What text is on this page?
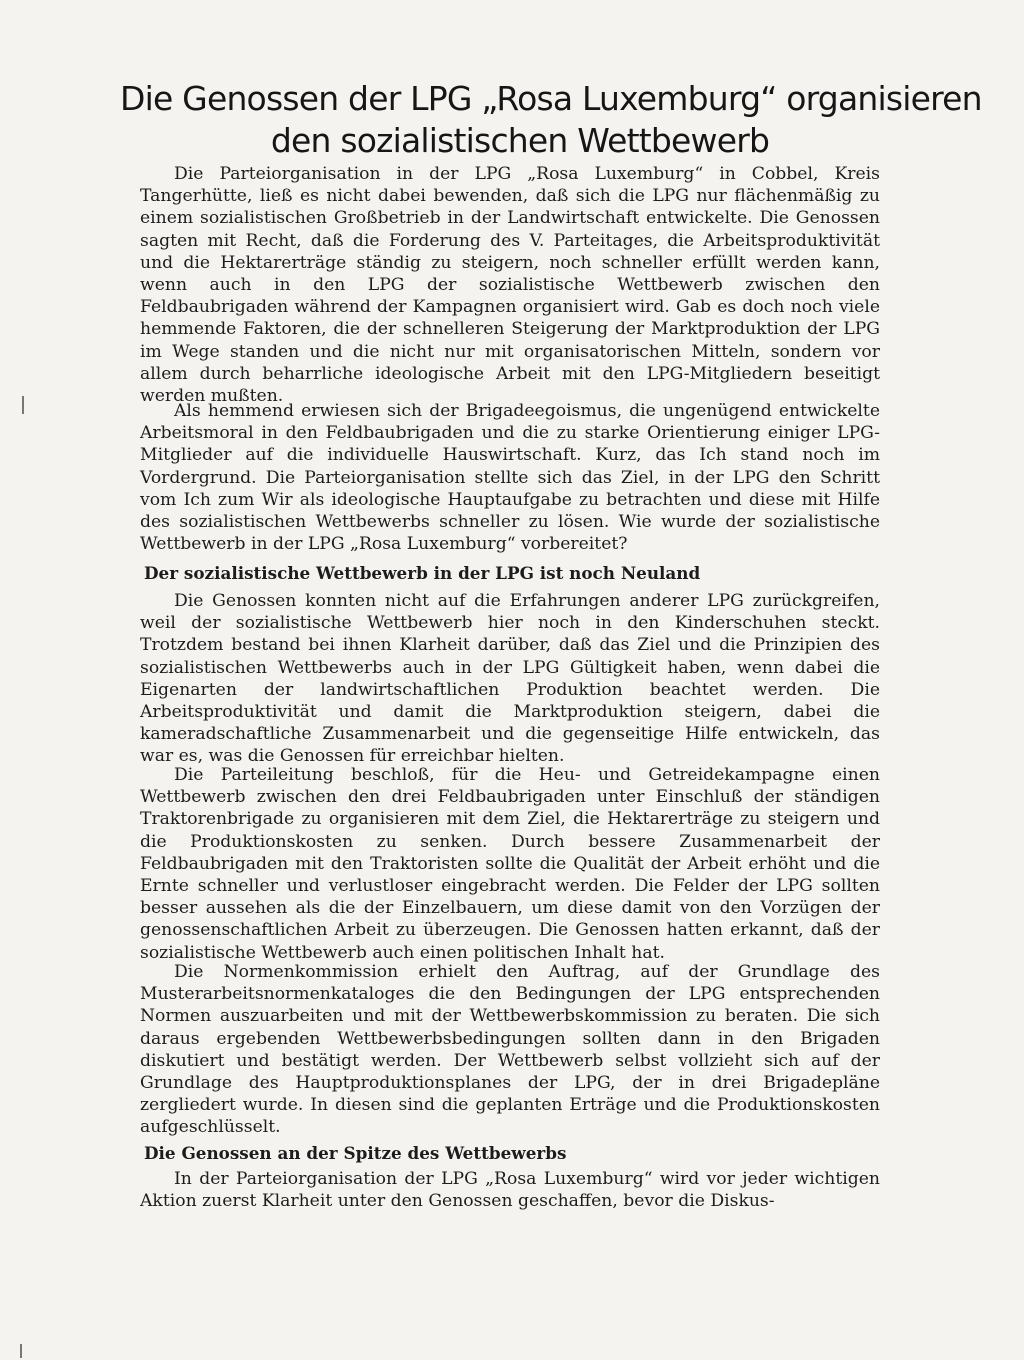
Die Genossen der LPG „Rosa Luxemburg“ organisieren
den sozialistischen Wettbewerb

Die Parteiorganisation in der LPG „Rosa Luxemburg“ in Cobbel, Kreis Tangerhütte, ließ es nicht dabei bewenden, daß sich die LPG nur flächenmäßig zu einem sozialistischen Großbetrieb in der Landwirtschaft entwickelte. Die Genossen sagten mit Recht, daß die Forderung des V. Parteitages, die Arbeitsproduktivität und die Hektarerträge ständig zu steigern, noch schneller erfüllt werden kann, wenn auch in den LPG der sozialistische Wettbewerb zwischen den Feldbaubrigaden während der Kampagnen organisiert wird. Gab es doch noch viele hemmende Faktoren, die der schnelleren Steigerung der Marktproduktion der LPG im Wege standen und die nicht nur mit organisatorischen Mitteln, sondern vor allem durch beharrliche ideologische Arbeit mit den LPG-Mitgliedern beseitigt werden mußten.

Als hemmend erwiesen sich der Brigadeegoismus, die ungenügend entwickelte Arbeitsmoral in den Feldbaubrigaden und die zu starke Orientierung einiger LPG-Mitglieder auf die individuelle Hauswirtschaft. Kurz, das Ich stand noch im Vordergrund. Die Parteiorganisation stellte sich das Ziel, in der LPG den Schritt vom Ich zum Wir als ideologische Hauptaufgabe zu betrachten und diese mit Hilfe des sozialistischen Wettbewerbs schneller zu lösen. Wie wurde der sozialistische Wettbewerb in der LPG „Rosa Luxemburg“ vorbereitet?

Der sozialistische Wettbewerb in der LPG ist noch Neuland

Die Genossen konnten nicht auf die Erfahrungen anderer LPG zurückgreifen, weil der sozialistische Wettbewerb hier noch in den Kinderschuhen steckt. Trotzdem bestand bei ihnen Klarheit darüber, daß das Ziel und die Prinzipien des sozialistischen Wettbewerbs auch in der LPG Gültigkeit haben, wenn dabei die Eigenarten der landwirtschaftlichen Produktion beachtet werden. Die Arbeitsproduktivität und damit die Marktproduktion steigern, dabei die kameradschaftliche Zusammenarbeit und die gegenseitige Hilfe entwickeln, das war es, was die Genossen für erreichbar hielten.

Die Parteileitung beschloß, für die Heu- und Getreidekampagne einen Wettbewerb zwischen den drei Feldbaubrigaden unter Einschluß der ständigen Traktorenbrigade zu organisieren mit dem Ziel, die Hektarerträge zu steigern und die Produktionskosten zu senken. Durch bessere Zusammenarbeit der Feldbaubrigaden mit den Traktoristen sollte die Qualität der Arbeit erhöht und die Ernte schneller und verlustloser eingebracht werden. Die Felder der LPG sollten besser aussehen als die der Einzelbauern, um diese damit von den Vorzügen der genossenschaftlichen Arbeit zu überzeugen. Die Genossen hatten erkannt, daß der sozialistische Wettbewerb auch einen politischen Inhalt hat.

Die Normenkommission erhielt den Auftrag, auf der Grundlage des Musterarbeitsnormenkataloges die den Bedingungen der LPG entsprechenden Normen auszuarbeiten und mit der Wettbewerbskommission zu beraten. Die sich daraus ergebenden Wettbewerbsbedingungen sollten dann in den Brigaden diskutiert und bestätigt werden. Der Wettbewerb selbst vollzieht sich auf der Grundlage des Hauptproduktionsplanes der LPG, der in drei Brigadepläne zergliedert wurde. In diesen sind die geplanten Erträge und die Produktionskosten aufgeschlüsselt.

Die Genossen an der Spitze des Wettbewerbs

In der Parteiorganisation der LPG „Rosa Luxemburg“ wird vor jeder wichtigen Aktion zuerst Klarheit unter den Genossen geschaffen, bevor die Diskus-
